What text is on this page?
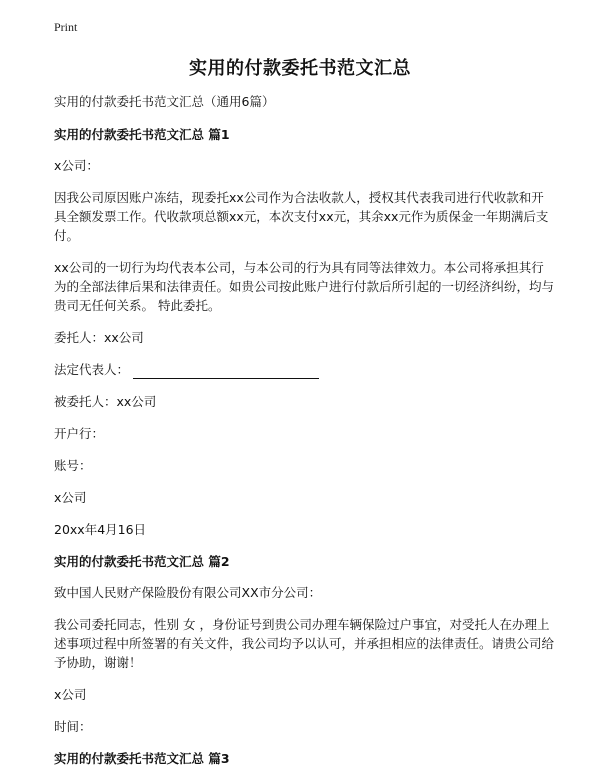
Print
实用的付款委托书范文汇总

实用的付款委托书范文汇总（通用6篇）

实用的付款委托书范文汇总 篇1

x公司：

因我公司原因账户冻结，现委托xx公司作为合法收款人，授权其代表我司进行代收款和开具全额发票工作。代收款项总额xx元，本次支付xx元，其余xx元作为质保金一年期满后支付。

xx公司的一切行为均代表本公司，与本公司的行为具有同等法律效力。本公司将承担其行为的全部法律后果和法律责任。如贵公司按此账户进行付款后所引起的一切经济纠纷，均与贵司无任何关系。 特此委托。

委托人：xx公司

法定代表人：

被委托人：xx公司

开户行：

账号：

x公司

20xx年4月16日

实用的付款委托书范文汇总 篇2

致中国人民财产保险股份有限公司XX市分公司：

我公司委托同志，性别 女 ，身份证号到贵公司办理车辆保险过户事宜，对受托人在办理上述事项过程中所签署的有关文件，我公司均予以认可，并承担相应的法律责任。请贵公司给予协助，谢谢！

x公司

时间：

实用的付款委托书范文汇总 篇3
